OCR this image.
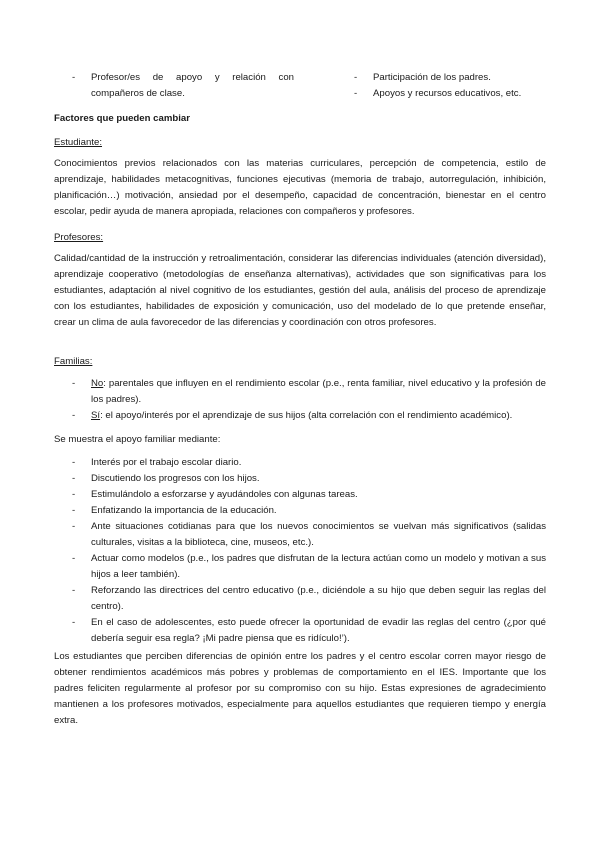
- Profesor/es de apoyo y relación con compañeros de clase.
- Participación de los padres.
- Apoyos y recursos educativos, etc.
Factores que pueden cambiar
Estudiante:
Conocimientos previos relacionados con las materias curriculares, percepción de competencia, estilo de aprendizaje, habilidades metacognitivas, funciones ejecutivas (memoria de trabajo, autorregulación, inhibición, planificación…) motivación, ansiedad por el desempeño, capacidad de concentración, bienestar en el centro escolar, pedir ayuda de manera apropiada, relaciones con compañeros y profesores.
Profesores:
Calidad/cantidad de la instrucción y retroalimentación, considerar las diferencias individuales (atención diversidad), aprendizaje cooperativo (metodologías de enseñanza alternativas), actividades que son significativas para los estudiantes, adaptación al nivel cognitivo de los estudiantes, gestión del aula, análisis del proceso de aprendizaje con los estudiantes, habilidades de exposición y comunicación, uso del modelado de lo que pretende enseñar, crear un clima de aula favorecedor de las diferencias y coordinación con otros profesores.
Familias:
- No: parentales que influyen en el rendimiento escolar (p.e., renta familiar, nivel educativo y la profesión de los padres).
- Sí: el apoyo/interés por el aprendizaje de sus hijos (alta correlación con el rendimiento académico).
Se muestra el apoyo familiar mediante:
- Interés por el trabajo escolar diario.
- Discutiendo los progresos con los hijos.
- Estimulándolo a esforzarse y ayudándoles con algunas tareas.
- Enfatizando la importancia de la educación.
- Ante situaciones cotidianas para que los nuevos conocimientos se vuelvan más significativos (salidas culturales, visitas a la biblioteca, cine, museos, etc.).
- Actuar como modelos (p.e., los padres que disfrutan de la lectura actúan como un modelo y motivan a sus hijos a leer también).
- Reforzando las directrices del centro educativo (p.e., diciéndole a su hijo que deben seguir las reglas del centro).
- En el caso de adolescentes, esto puede ofrecer la oportunidad de evadir las reglas del centro (¿por qué debería seguir esa regla? ¡Mi padre piensa que es ridículo!’).
Los estudiantes que perciben diferencias de opinión entre los padres y el centro escolar corren mayor riesgo de obtener rendimientos académicos más pobres y problemas de comportamiento en el IES. Importante que los padres feliciten regularmente al profesor por su compromiso con su hijo. Estas expresiones de agradecimiento mantienen a los profesores motivados, especialmente para aquellos estudiantes que requieren tiempo y energía extra.
